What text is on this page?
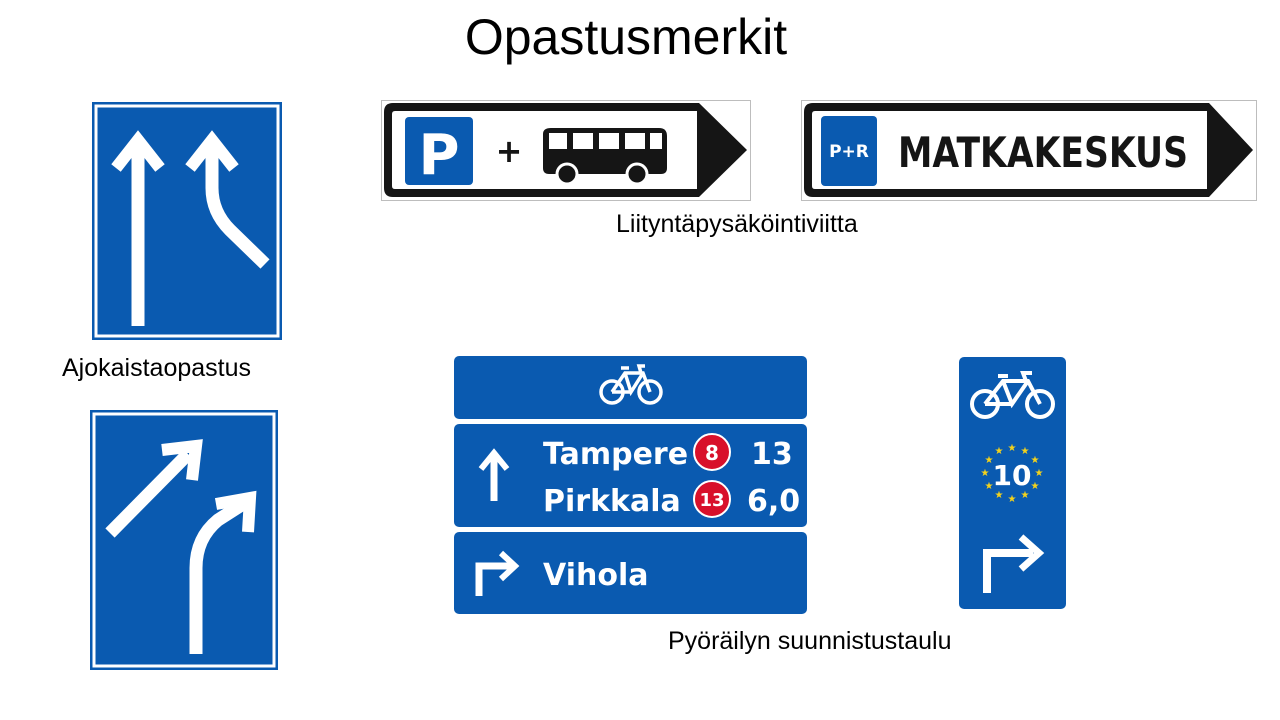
Opastusmerkit
Ajokaistaopastus
P +	P+R MATKAKESKUS
Liityntäpysäköintiviitta
Tampere 8 13
Pirkkala 13 6,0
Vihola
★ ★
★
★
★
★
★
★
★
★
★
★
10
Pyöräilyn suunnistustaulu
